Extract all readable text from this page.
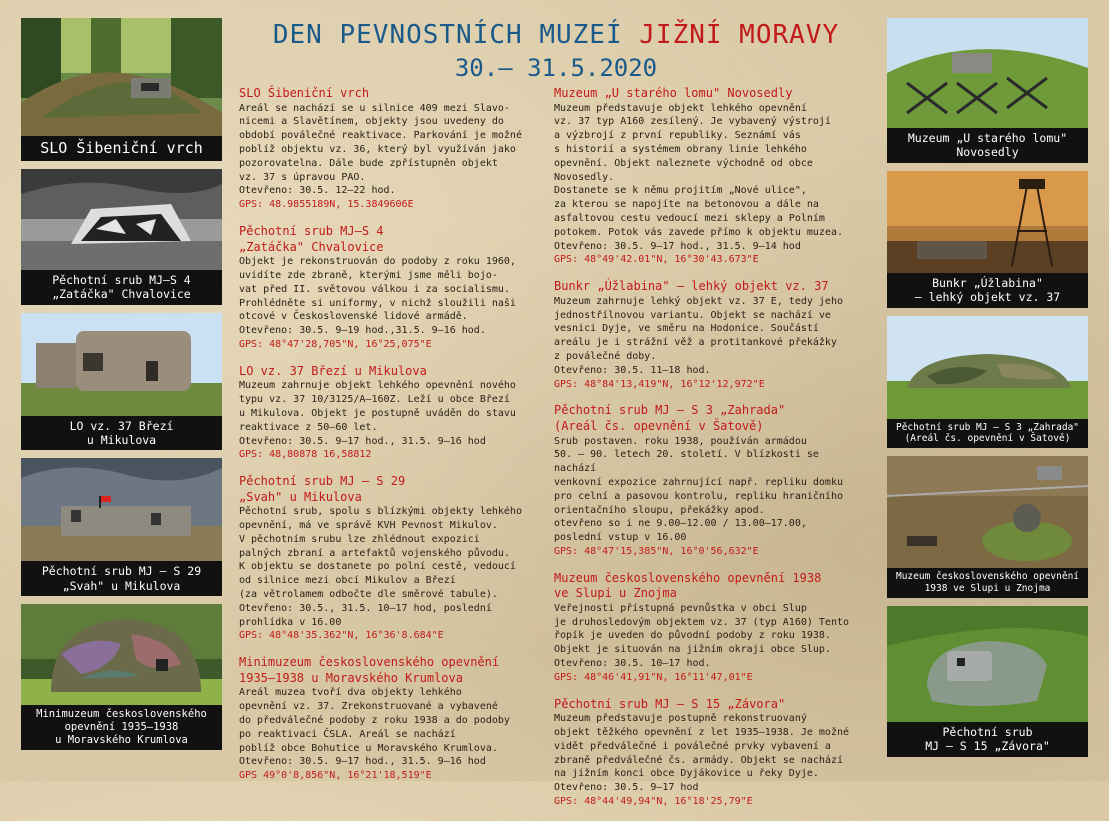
SLO Šibeniční vrch
Pěchotní srub MJ–S 4
„Zatáčka" Chvalovice
LO vz. 37 Březí
u Mikulova
Pěchotní srub MJ – S 29
„Svah" u Mikulova
Minimuzeum československého
opevnění 1935–1938
u Moravského Krumlova
DEN PEVNOSTNÍCH MUZEÍ JIŽNÍ MORAVY
30.– 31.5.2020
SLO Šibeniční vrch

Areál se nachází se u silnice 409 mezi Slavo-
nicemi a Slavětínem, objekty jsou uvedeny do
období poválečné reaktivace. Parkování je možné
poblíž objektu vz. 36, který byl využíván jako
pozorovatelna. Dále bude zpřístupněn objekt
vz. 37 s úpravou PAO.
Otevřeno: 30.5. 12–22 hod.

GPS: 48.9855189N, 15.3849606E

Pěchotní srub MJ–S 4
„Zatáčka" Chvalovice

Objekt je rekonstruován do podoby z roku 1960,
uvidíte zde zbraně, kterými jsme měli bojo-
vat před II. světovou válkou i za socialismu.
Prohlédněte si uniformy, v nichž sloužili naši
otcové v Československé lidové armádě.
Otevřeno: 30.5. 9–19 hod.,31.5. 9–16 hod.

GPS: 48°47'28,705"N, 16°25,075"E

LO vz. 37 Březí u Mikulova

Muzeum zahrnuje objekt lehkého opevnění nového
typu vz. 37 10/3125/A–160Z. Leží u obce Březí
u Mikulova. Objekt je postupně uváděn do stavu
reaktivace z 50–60 let.
Otevřeno: 30.5. 9–17 hod., 31.5. 9–16 hod

GPS: 48,80878 16,58812

Pěchotní srub MJ – S 29
„Svah" u Mikulova

Pěchotní srub, spolu s blízkými objekty lehkého
opevnění, má ve správě KVH Pevnost Mikulov.
V pěchotním srubu lze zhlédnout expozici
palných zbraní a artefaktů vojenského původu.
K objektu se dostanete po polní cestě, vedoucí
od silnice mezi obcí Mikulov a Březí
(za větrolamem odbočte dle směrové tabule).
Otevřeno: 30.5., 31.5. 10–17 hod, poslední
prohlídka v 16.00

GPS: 48°48'35.362"N, 16°36'8.684"E

Minimuzeum československého opevnění
1935–1938 u Moravského Krumlova

Areál muzea tvoří dva objekty lehkého
opevnění vz. 37. Zrekonstruované a vybavené
do předválečné podoby z roku 1938 a do podoby
po reaktivaci ČSLA. Areál se nachází
poblíž obce Bohutice u Moravského Krumlova.
Otevřeno: 30.5. 9–17 hod., 31.5. 9–16 hod

GPS 49°0'8,856"N, 16°21'18,519"E

Muzeum „U starého lomu" Novosedly

Muzeum představuje objekt lehkého opevnění
vz. 37 typ A160 zesílený. Je vybavený výstrojí
a výzbrojí z první republiky. Seznámí vás
s historií a systémem obrany linie lehkého
opevnění. Objekt naleznete východně od obce
Novosedly.
Dostanete se k němu projitím „Nové ulice",
za kterou se napojíte na betonovou a dále na
asfaltovou cestu vedoucí mezi sklepy a Polním
potokem. Potok vás zavede přímo k objektu muzea.
Otevřeno: 30.5. 9–17 hod., 31.5. 9–14 hod

GPS: 48°49'42.01"N, 16°30'43.673"E

Bunkr „Úžlabina" – lehký objekt vz. 37

Muzeum zahrnuje lehký objekt vz. 37 E, tedy jeho
jednostřílnovou variantu. Objekt se nachází ve
vesnici Dyje, ve směru na Hodonice. Součástí
areálu je i strážní věž a protitankové překážky
z poválečné doby.
Otevřeno: 30.5. 11–18 hod.

GPS: 48°84'13,419"N, 16°12'12,972"E

Pěchotní srub MJ – S 3 „Zahrada"
(Areál čs. opevnění v Šatově)

Srub postaven. roku 1938, používán armádou
50. – 90. letech 20. století. V blízkosti se nachází
venkovní expozice zahrnující např. repliku domku
pro celní a pasovou kontrolu, repliku hraničního
orientačního sloupu, překážky apod.
otevřeno so i ne 9.00–12.00 / 13.00–17.00,
poslední vstup v 16.00

GPS: 48°47'15,385"N, 16°0'56,632"E

Muzeum československého opevnění 1938
ve Slupi u Znojma

Veřejnosti přístupná pevnůstka v obci Slup
je druhosledovým objektem vz. 37 (typ A160) Tento
řopík je uveden do původní podoby z roku 1938.
Objekt je situován na jižním okraji obce Slup.
Otevřeno: 30.5. 10–17 hod.

GPS: 48°46'41,91"N, 16°11'47,01"E

Pěchotní srub MJ – S 15 „Závora"

Muzeum představuje postupně rekonstruovaný
objekt těžkého opevnění z let 1935–1938. Je možné
vidět předválečné i poválečné prvky vybavení a
zbraně předválečné čs. armády. Objekt se nachází
na jižním konci obce Dyjákovice u řeky Dyje.
Otevřeno: 30.5. 9–17 hod

GPS: 48°44'49,94"N, 16°18'25,79"E

Muzeum „U starého lomu"
Novosedly
Bunkr „Úžlabina"
– lehký objekt vz. 37
Pěchotní srub MJ – S 3 „Zahrada"
(Areál čs. opevnění v Šatově)
Muzeum československého opevnění
1938 ve Slupi u Znojma
Pěchotní srub
MJ – S 15 „Závora"
